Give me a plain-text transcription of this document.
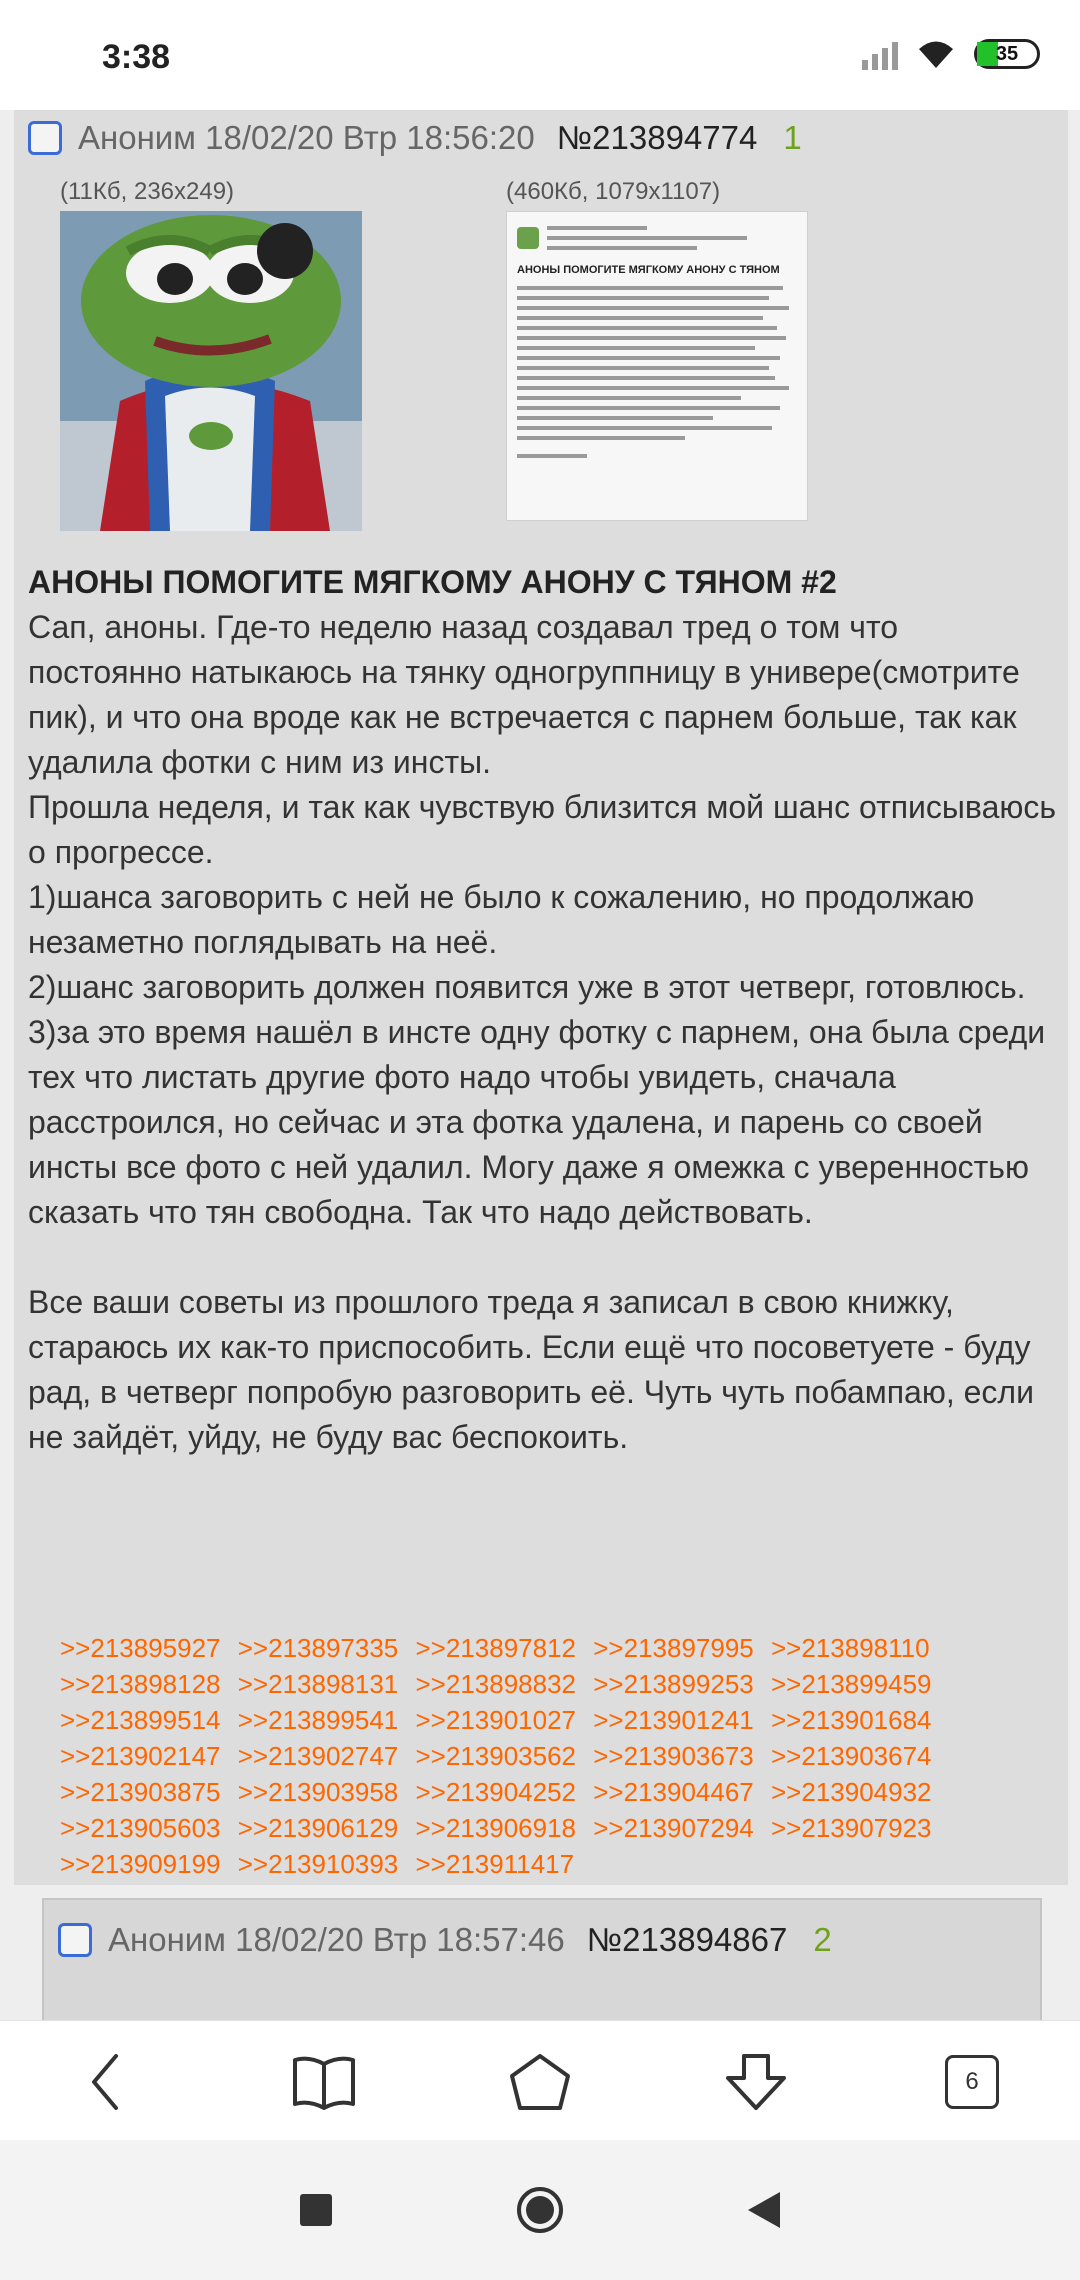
3:38	35
Аноним
18/02/20 Втр 18:56:20 №213894774 1
(11Кб, 236x249)	(460Кб, 1079x1107)
АНОНЫ ПОМОГИТЕ МЯГКОМУ АНОНУ С ТЯНОМ
АНОНЫ ПОМОГИТЕ МЯГКОМУ АНОНУ С ТЯНОМ #2

Сап, аноны. Где-то неделю назад создавал тред о том что постоянно натыкаюсь на тянку одногруппницу в универе(смотрите пик), и что она вроде как не встречается с парнем больше, так как удалила фотки с ним из инсты.

Прошла неделя, и так как чувствую близится мой шанс отписываюсь о прогрессе.

1)шанса заговорить с ней не было к сожалению, но продолжаю незаметно поглядывать на неё.

2)шанс заговорить должен появится уже в этот четверг, готовлюсь.

3)за это время нашёл в инсте одну фотку с парнем, она была среди тех что листать другие фото надо чтобы увидеть, сначала расстроился, но сейчас и эта фотка удалена, и парень со своей инсты все фото с ней удалил. Могу даже я омежка с уверенностью сказать что тян свободна. Так что надо действовать.

Все ваши советы из прошлого треда я записал в свою книжку, стараюсь их как-то приспособить. Если ещё что посоветуете - буду рад, в четверг попробую разговорить её. Чуть чуть побампаю, если не зайдёт, уйду, не буду вас беспокоить.

>>213895927 >>213897335 >>213897812 >>213897995 >>213898110 >>213898128 >>213898131 >>213898832 >>213899253 >>213899459 >>213899514 >>213899541 >>213901027 >>213901241 >>213901684 >>213902147 >>213902747 >>213903562 >>213903673 >>213903674 >>213903875 >>213903958 >>213904252 >>213904467 >>213904932 >>213905603 >>213906129 >>213906918 >>213907294 >>213907923 >>213909199 >>213910393 >>213911417
Аноним
18/02/20 Втр 18:57:46 №213894867 2
6
